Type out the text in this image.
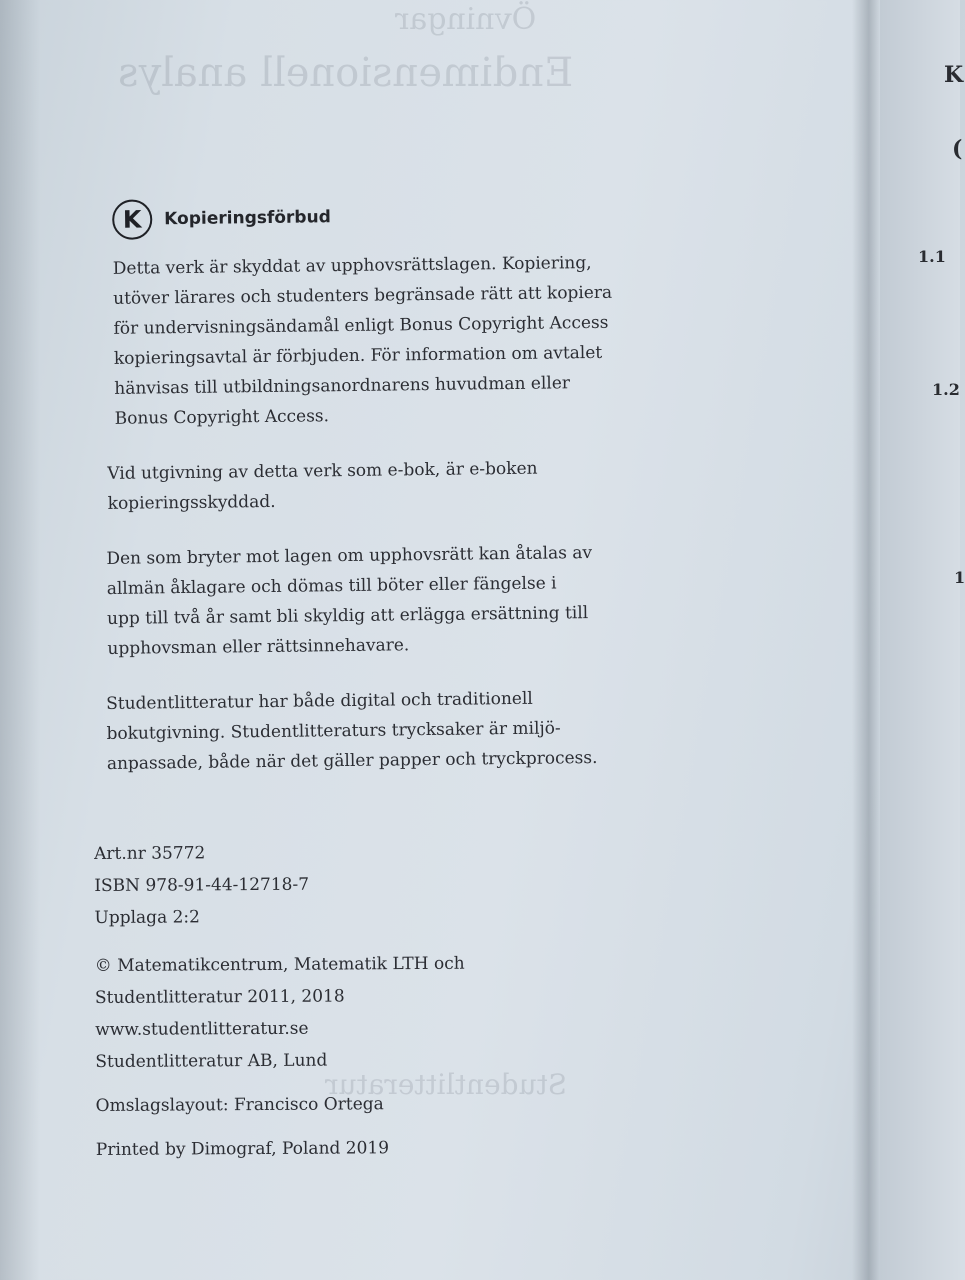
Övningar
Endimensionell analys
Studentlitteratur
K
(
1.1
1.2
1
K	Kopieringsförbud

Detta verk är skyddat av upphovsrättslagen. Kopiering,
utöver lärares och studenters begränsade rätt att kopiera
för undervisningsändamål enligt Bonus Copyright Access
kopieringsavtal är förbjuden. För information om avtalet
hänvisas till utbildningsanordnarens huvudman eller
Bonus Copyright Access.

Vid utgivning av detta verk som e-bok, är e-boken
kopieringsskyddad.

Den som bryter mot lagen om upphovsrätt kan åtalas av
allmän åklagare och dömas till böter eller fängelse i
upp till två år samt bli skyldig att erlägga ersättning till
upphovsman eller rättsinnehavare.

Studentlitteratur har både digital och traditionell
bokutgivning. Studentlitteraturs trycksaker är miljö-
anpassade, både när det gäller papper och tryckprocess.

Art.nr 35772
ISBN 978-91-44-12718-7
Upplaga 2:2
© Matematikcentrum, Matematik LTH och
Studentlitteratur 2011, 2018
www.studentlitteratur.se
Studentlitteratur AB, Lund
Omslagslayout: Francisco Ortega
Printed by Dimograf, Poland 2019
